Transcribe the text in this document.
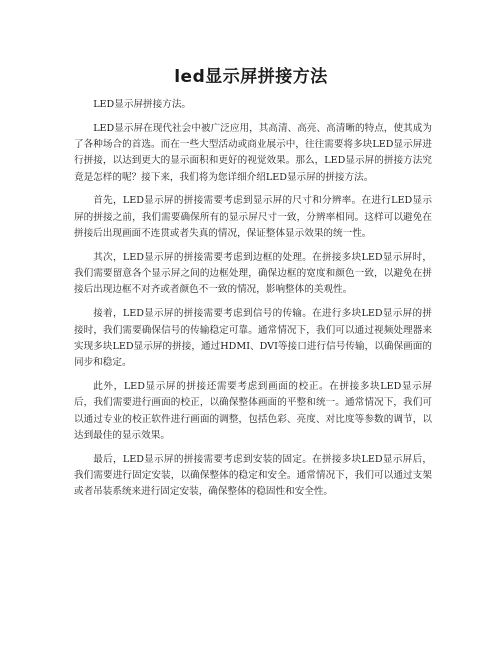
led显示屏拼接方法

LED显示屏拼接方法。

LED显示屏在现代社会中被广泛应用，其高清、高亮、高清晰的特点，使其成为了各种场合的首选。而在一些大型活动或商业展示中，往往需要将多块LED显示屏进行拼接，以达到更大的显示面积和更好的视觉效果。那么，LED显示屏的拼接方法究竟是怎样的呢？接下来，我们将为您详细介绍LED显示屏的拼接方法。

首先，LED显示屏的拼接需要考虑到显示屏的尺寸和分辨率。在进行LED显示屏的拼接之前，我们需要确保所有的显示屏尺寸一致，分辨率相同。这样可以避免在拼接后出现画面不连贯或者失真的情况，保证整体显示效果的统一性。

其次，LED显示屏的拼接需要考虑到边框的处理。在拼接多块LED显示屏时，我们需要留意各个显示屏之间的边框处理，确保边框的宽度和颜色一致，以避免在拼接后出现边框不对齐或者颜色不一致的情况，影响整体的美观性。

接着，LED显示屏的拼接需要考虑到信号的传输。在进行多块LED显示屏的拼接时，我们需要确保信号的传输稳定可靠。通常情况下，我们可以通过视频处理器来实现多块LED显示屏的拼接，通过HDMI、DVI等接口进行信号传输，以确保画面的同步和稳定。

此外，LED显示屏的拼接还需要考虑到画面的校正。在拼接多块LED显示屏后，我们需要进行画面的校正，以确保整体画面的平整和统一。通常情况下，我们可以通过专业的校正软件进行画面的调整，包括色彩、亮度、对比度等参数的调节，以达到最佳的显示效果。

最后，LED显示屏的拼接需要考虑到安装的固定。在拼接多块LED显示屏后，我们需要进行固定安装，以确保整体的稳定和安全。通常情况下，我们可以通过支架或者吊装系统来进行固定安装，确保整体的稳固性和安全性。
